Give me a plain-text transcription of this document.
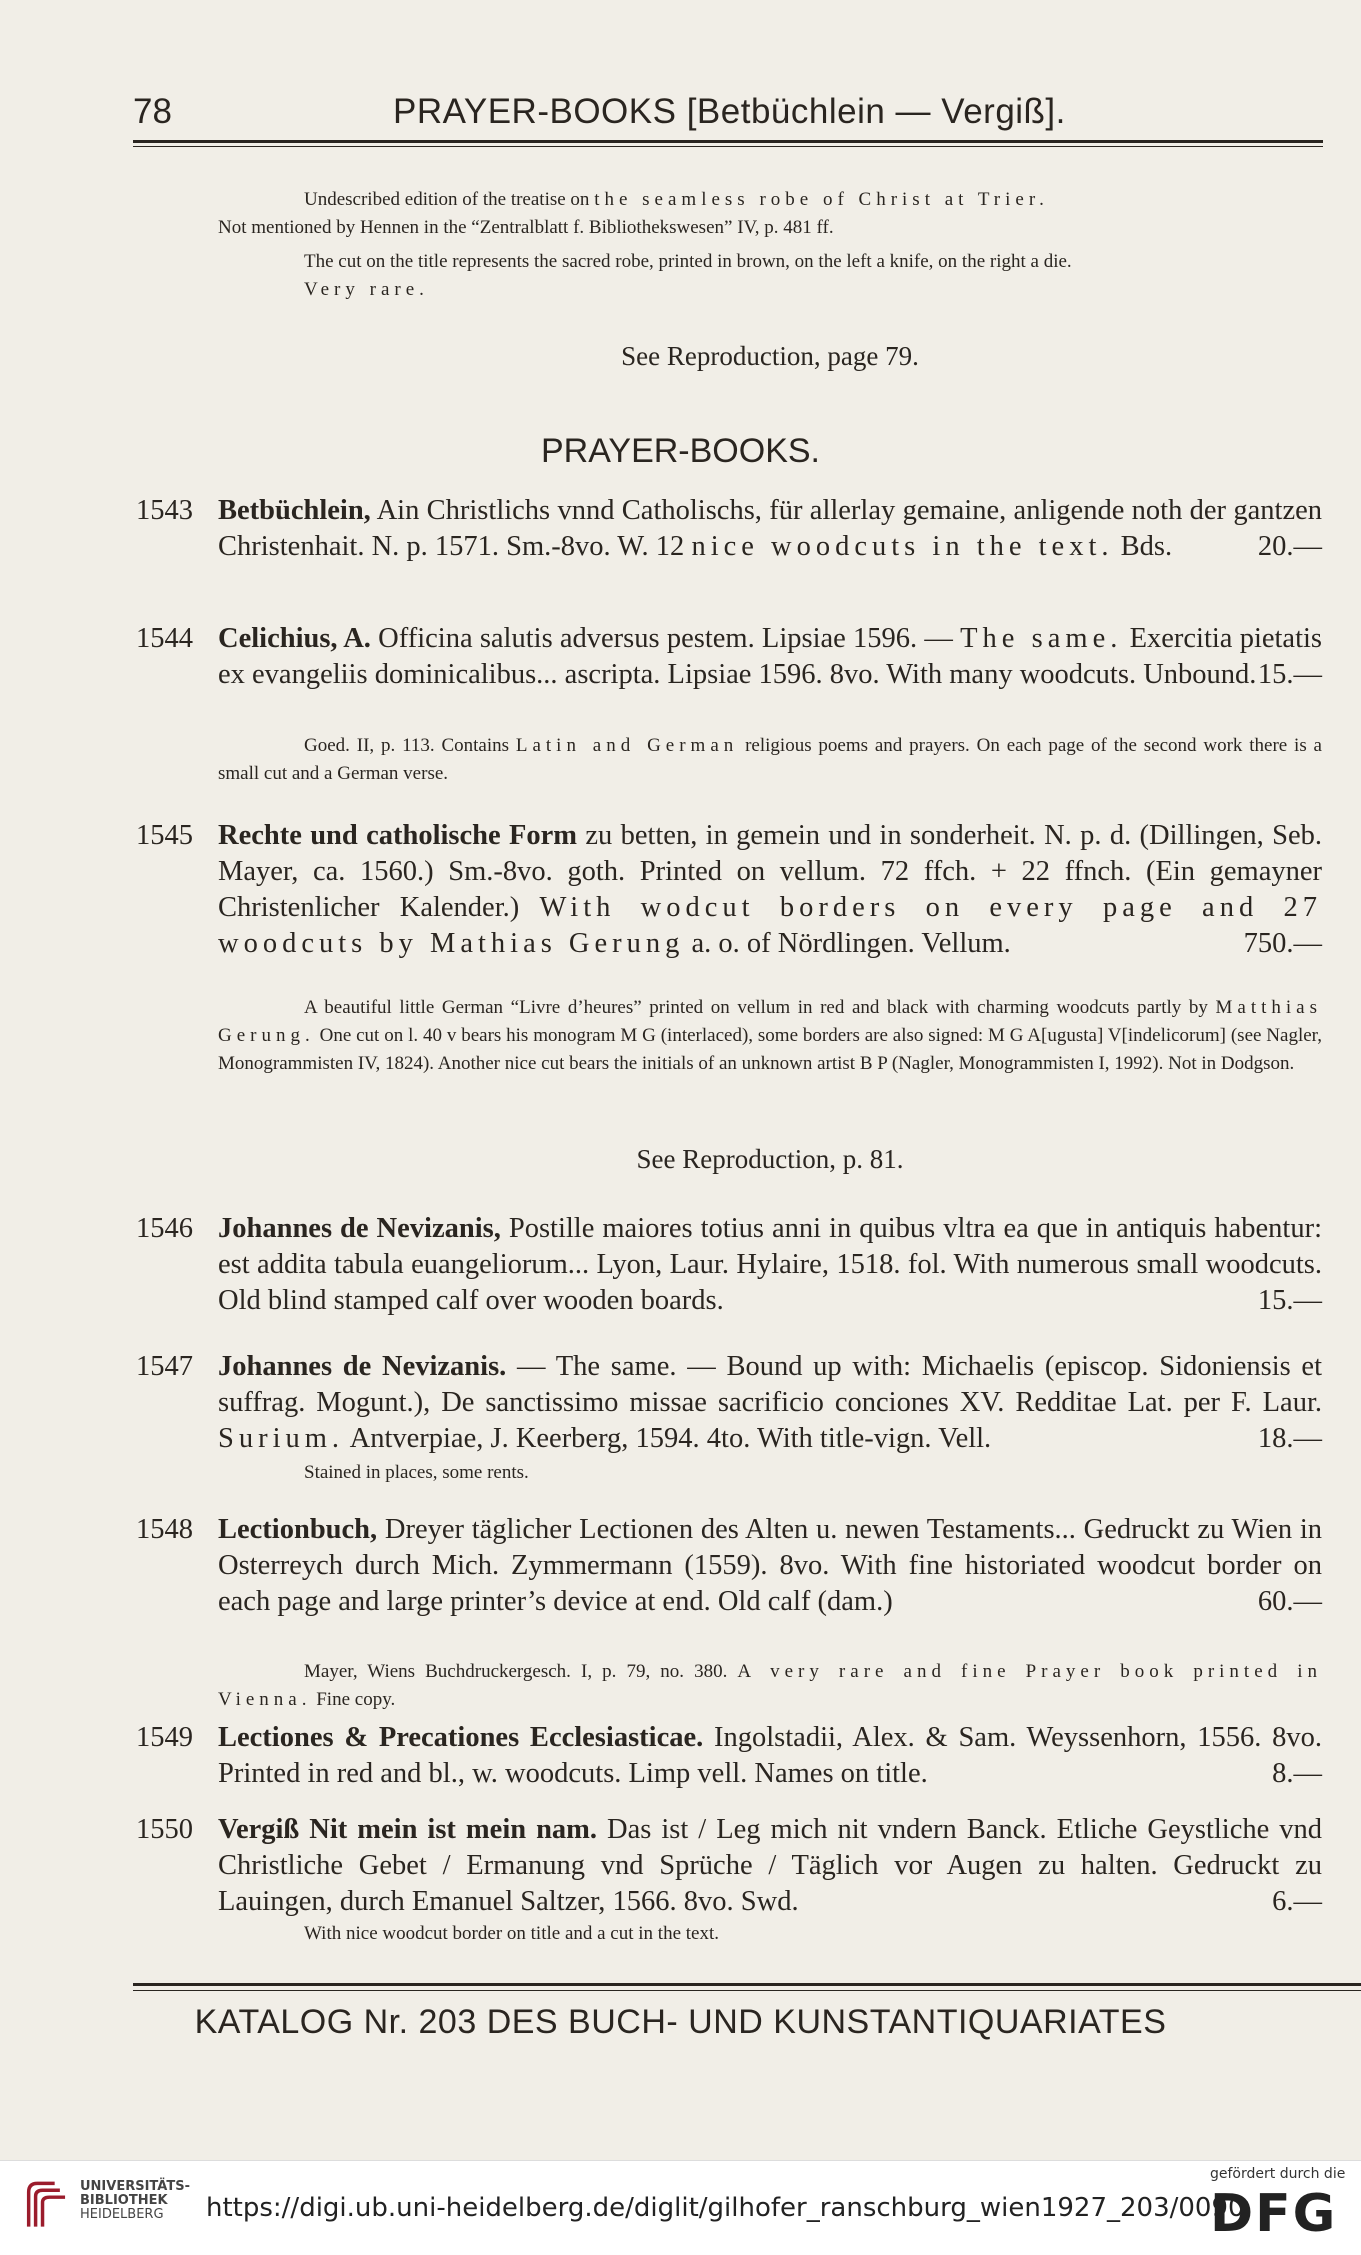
78	PRAYER-BOOKS [Betbüchlein — Vergiß].
Undescribed edition of the treatise on the seamless robe of Christ at Trier.
Not mentioned by Hennen in the “Zentralblatt f. Bibliothekswesen” IV, p. 481 ff.
The cut on the title represents the sacred robe, printed in brown, on the left a knife, on the right a die.
Very rare.
See Reproduction, page 79.
PRAYER-BOOKS.
1543 Betbüchlein, Ain Christlichs vnnd Catholischs, für allerlay gemaine, anligende noth der gantzen Christenhait. N. p. 1571. Sm.-8vo. W. 12 nice woodcuts in the text. Bds.	20.—
1544 Celichius, A. Officina salutis adversus pestem. Lipsiae 1596. — The same. Exercitia pietatis ex evangeliis dominicalibus... ascripta. Lipsiae 1596. 8vo. With many woodcuts. Unbound. 15.—
Goed. II, p. 113. Contains Latin and German religious poems and prayers. On each page of the second work there is a small cut and a German verse.
1545 Rechte und catholische Form zu betten, in gemein und in sonderheit. N. p. d. (Dillingen, Seb. Mayer, ca. 1560.) Sm.-8vo. goth. Printed on vellum. 72 ffch. + 22 ffnch. (Ein gemayner Christenlicher Kalender.) With wodcut borders on every page and 27 woodcuts by Mathias Gerung a. o. of Nördlingen. Vellum.	750.—
A beautiful little German “Livre d’heures” printed on vellum in red and black with charming woodcuts partly by Matthias Gerung. One cut on l. 40 v bears his monogram M G (interlaced), some borders are also signed: M G A[ugusta] V[indelicorum] (see Nagler, Monogrammisten IV, 1824). Another nice cut bears the initials of an unknown artist B P (Nagler, Monogrammisten I, 1992). Not in Dodgson.
See Reproduction, p. 81.
1546 Johannes de Nevizanis, Postille maiores totius anni in quibus vltra ea que in antiquis habentur: est addita tabula euangeliorum... Lyon, Laur. Hylaire, 1518. fol. With numerous small woodcuts. Old blind stamped calf over wooden boards.	15.—
1547 Johannes de Nevizanis. — The same. — Bound up with: Michaelis (episcop. Sidoniensis et suffrag. Mogunt.), De sanctissimo missae sacrificio conciones XV. Redditae Lat. per F. Laur. Surium. Antverpiae, J. Keerberg, 1594. 4to. With title-vign. Vell.	18.—
Stained in places, some rents.
1548 Lectionbuch, Dreyer täglicher Lectionen des Alten u. newen Testaments... Gedruckt zu Wien in Osterreych durch Mich. Zymmermann (1559). 8vo. With fine historiated woodcut border on each page and large printer’s device at end. Old calf (dam.)	60.—
Mayer, Wiens Buchdruckergesch. I, p. 79, no. 380. A very rare and fine Prayer book printed in Vienna. Fine copy.
1549 Lectiones & Precationes Ecclesiasticae. Ingolstadii, Alex. & Sam. Weyssenhorn, 1556. 8vo. Printed in red and bl., w. woodcuts. Limp vell. Names on title.	8.—
1550 Vergiß Nit mein ist mein nam. Das ist / Leg mich nit vndern Banck. Etliche Geystliche vnd Christliche Gebet / Ermanung vnd Sprüche / Täglich vor Augen zu halten. Gedruckt zu Lauingen, durch Emanuel Saltzer, 1566. 8vo. Swd.	6.—
With nice woodcut border on title and a cut in the text.
KATALOG Nr. 203 DES BUCH- UND KUNSTANTIQUARIATES
UNIVERSITÄTS-
BIBLIOTHEK
HEIDELBERG	https://digi.ub.uni-heidelberg.de/diglit/gilhofer_ranschburg_wien1927_203/0090
gefördert durch die
DFG
